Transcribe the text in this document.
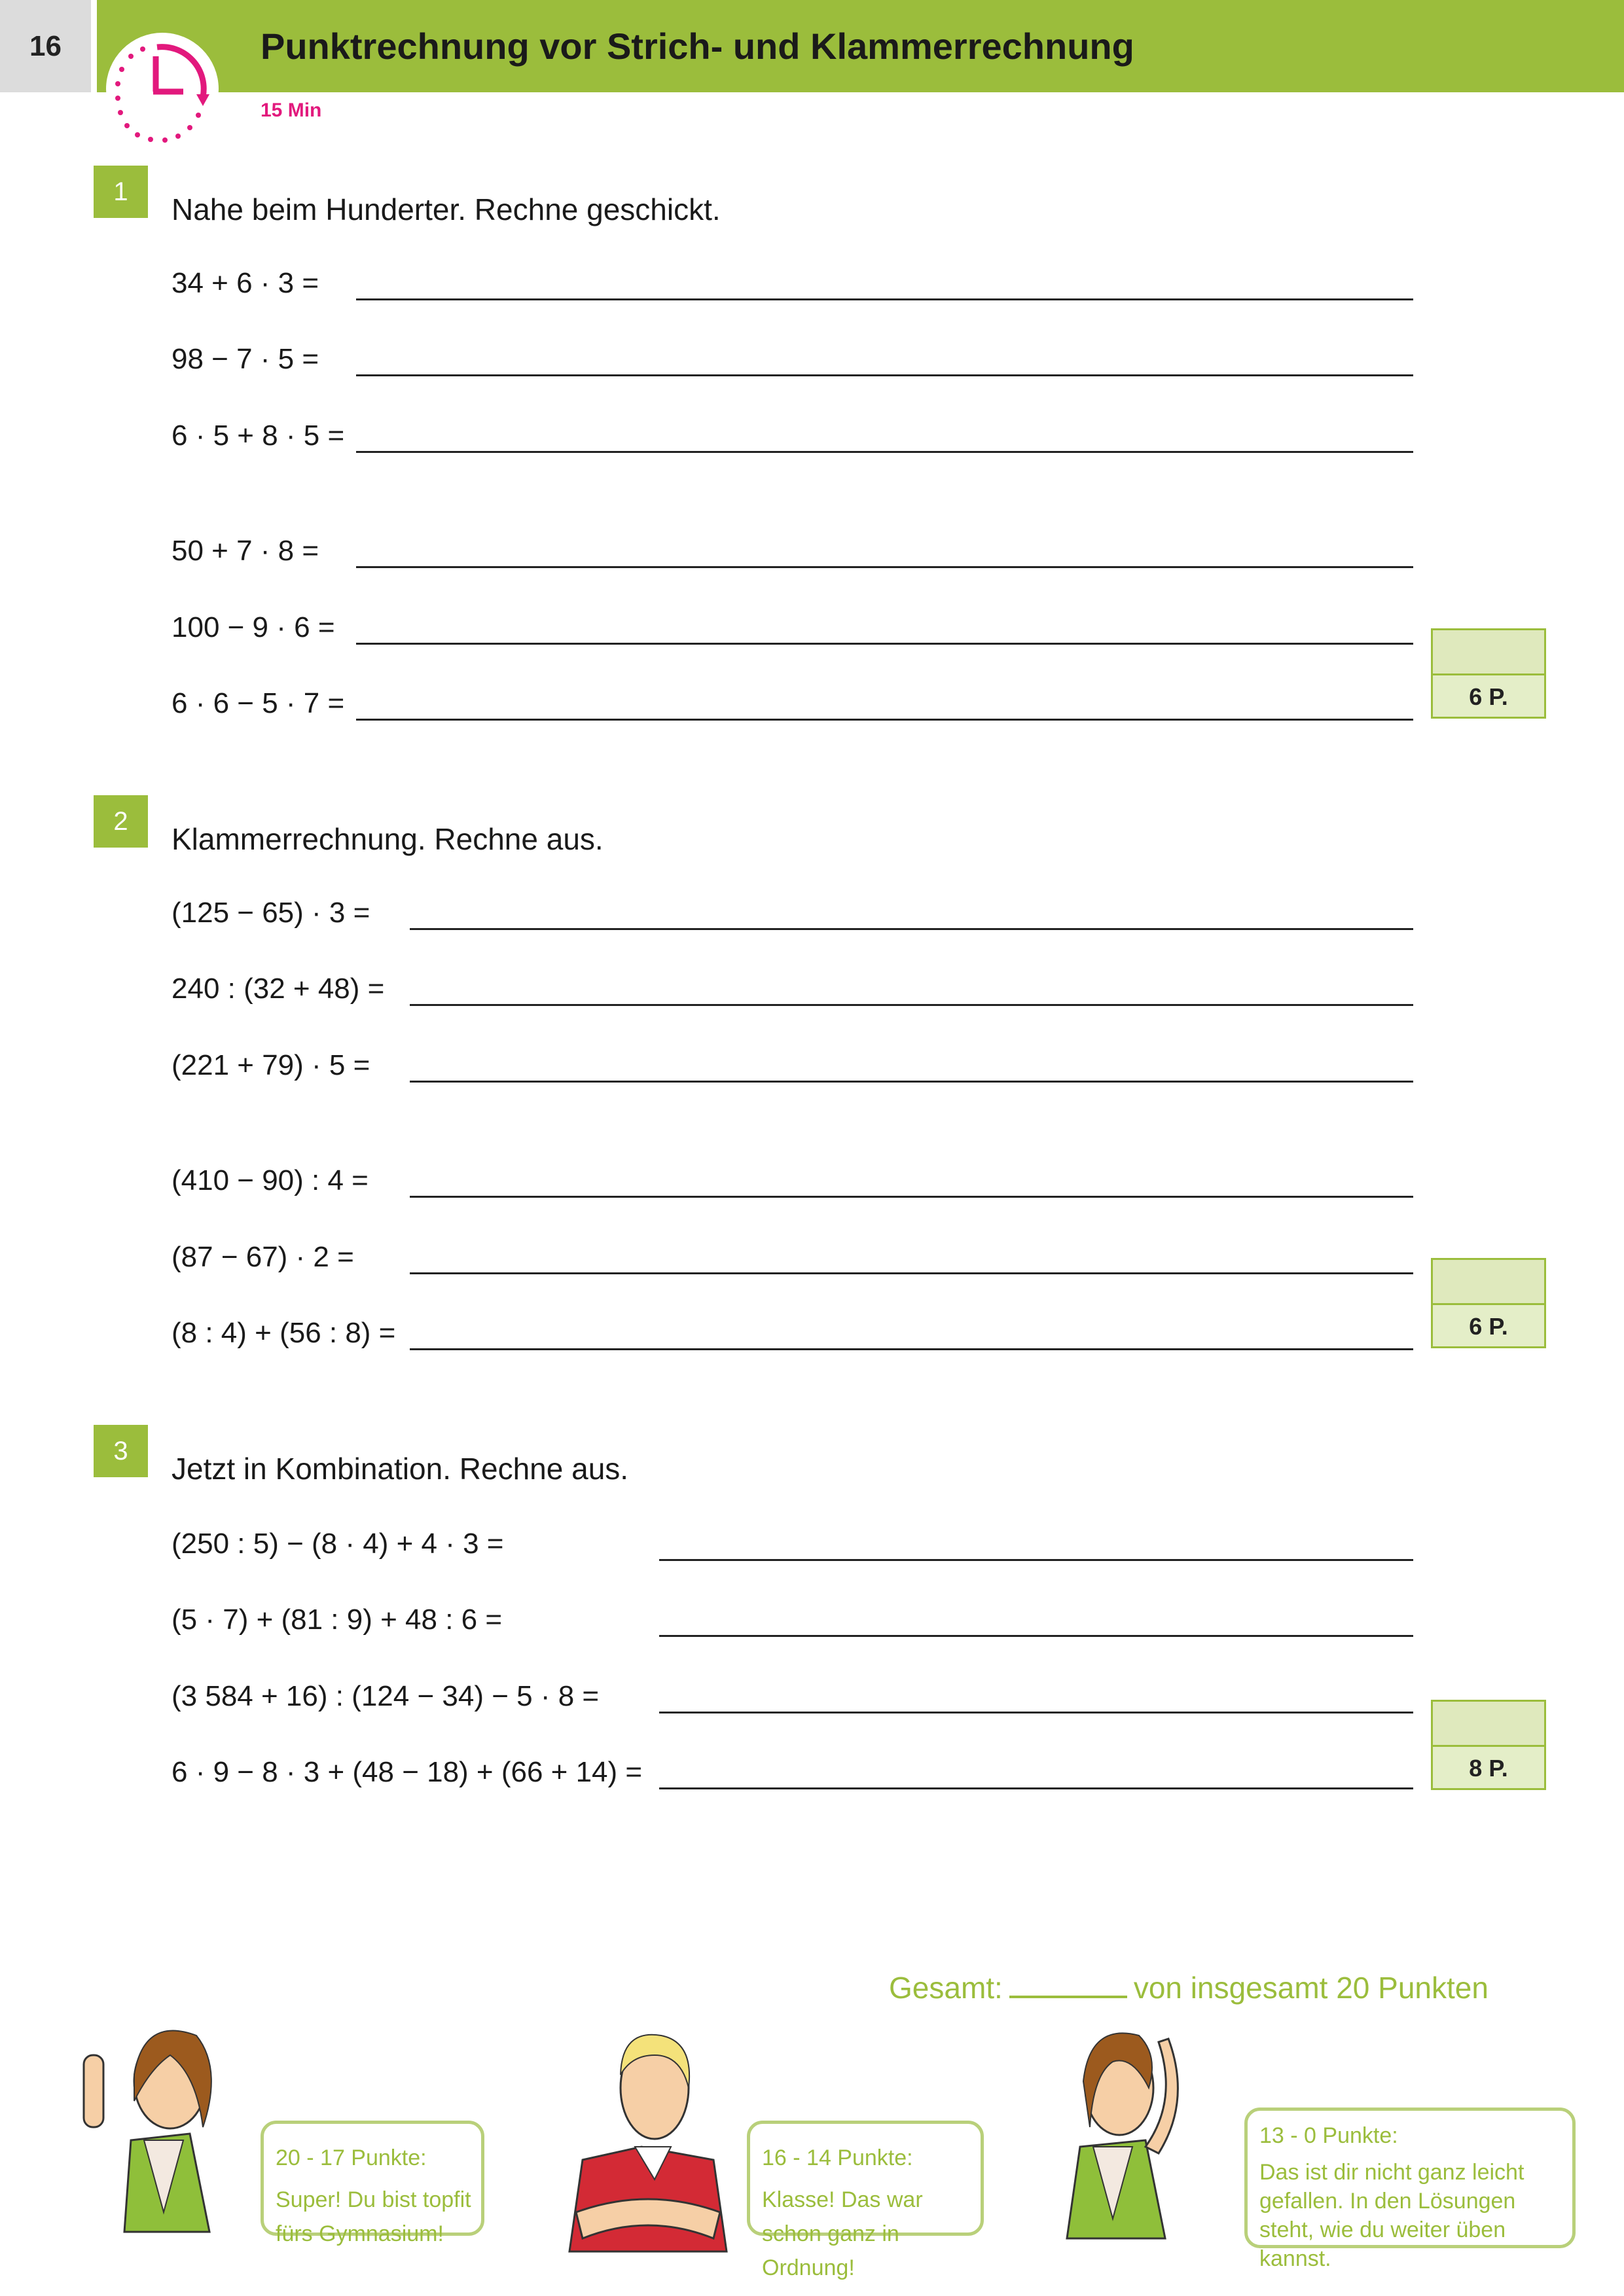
16	Punktrechnung vor Strich- und Klammerrechnung
15 Min
1
Nahe beim Hunderter. Rechne geschickt.
34 + 6 · 3 =
98 − 7 · 5 =
6 · 5 + 8 · 5 =
50 + 7 · 8 =
100 − 9 · 6 =
6 · 6 − 5 · 7 =	6 P.
2
Klammerrechnung. Rechne aus.
(125 − 65) · 3 =
240 : (32 + 48) =
(221 + 79) · 5 =
(410 − 90) : 4 =
(87 − 67) · 2 =
(8 : 4) + (56 : 8) =	6 P.
3
Jetzt in Kombination. Rechne aus.
(250 : 5) − (8 · 4) + 4 · 3 =
(5 · 7) + (81 : 9) + 48 : 6 =
(3 584 + 16) : (124 − 34) − 5 · 8 =
6 · 9 − 8 · 3 + (48 − 18) + (66 + 14) =	8 P.
Gesamt:	von insgesamt 20 Punkten
20 - 17 Punkte:
Super! Du bist topfit fürs Gymnasium!
16 - 14 Punkte:
Klasse! Das war schon ganz in Ordnung!
13 - 0 Punkte:
Das ist dir nicht ganz leicht gefallen. In den Lösungen steht, wie du weiter üben kannst.
